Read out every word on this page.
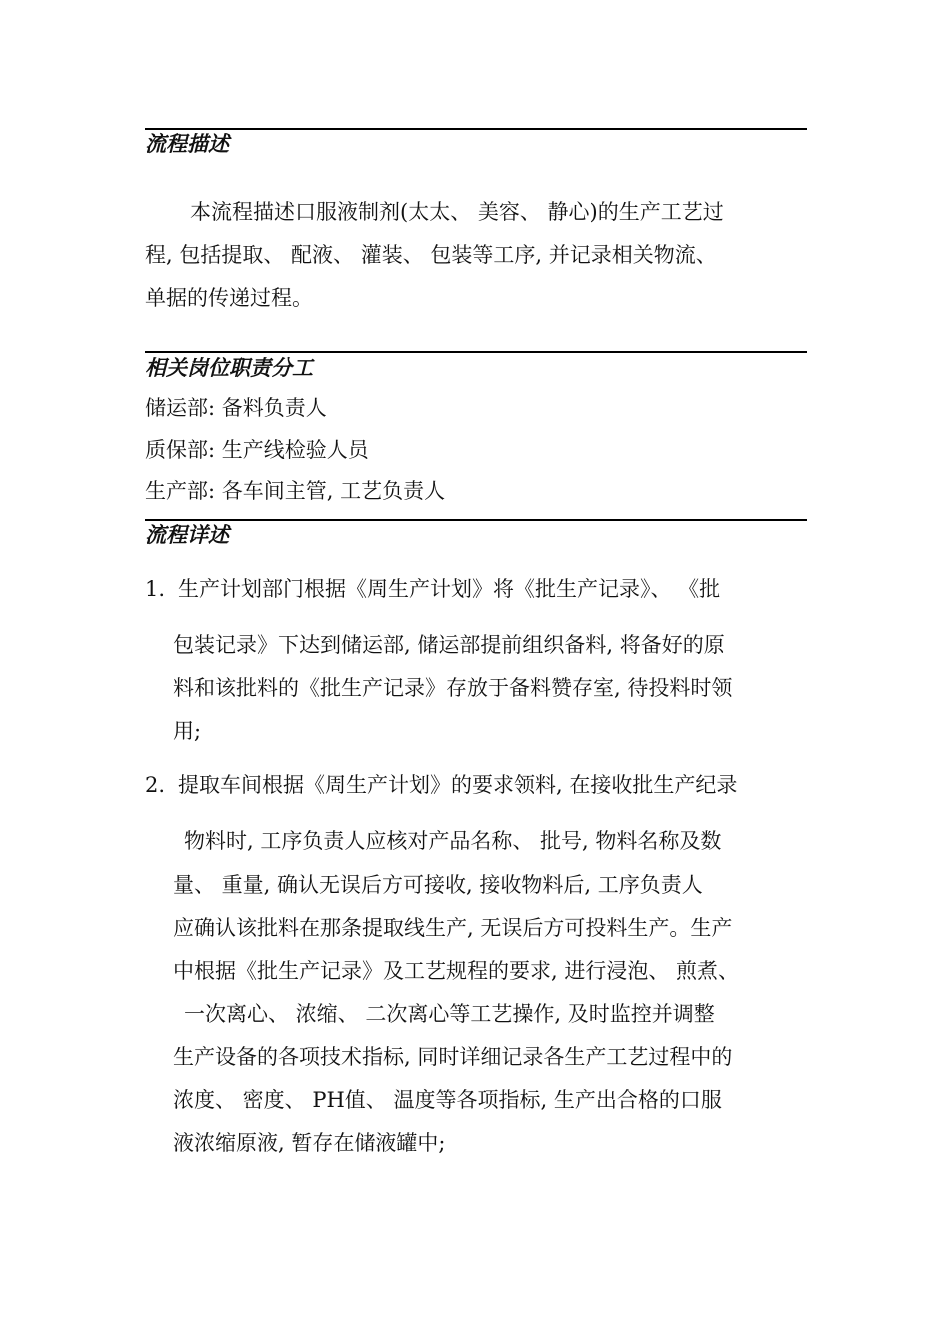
流程描述
本流程描述口服液制剂(太太、 美容、 静心)的生产工艺过
程, 包括提取、 配液、 灌装、 包装等工序, 并记录相关物流、
单据的传递过程。
相关岗位职责分工
储运部: 备料负责人
质保部: 生产线检验人员
生产部: 各车间主管, 工艺负责人
流程详述
1. 生产计划部门根据《周生产计划》将《批生产记录》、 《批
包装记录》下达到储运部, 储运部提前组织备料, 将备好的原
料和该批料的《批生产记录》存放于备料赞存室, 待投料时领
用;
2. 提取车间根据《周生产计划》的要求领料, 在接收批生产纪录
物料时, 工序负责人应核对产品名称、 批号, 物料名称及数
量、 重量, 确认无误后方可接收, 接收物料后, 工序负责人
应确认该批料在那条提取线生产, 无误后方可投料生产。生产
中根据《批生产记录》及工艺规程的要求, 进行浸泡、 煎煮、
一次离心、 浓缩、 二次离心等工艺操作, 及时监控并调整
生产设备的各项技术指标, 同时详细记录各生产工艺过程中的
浓度、 密度、 PH值、 温度等各项指标, 生产出合格的口服
液浓缩原液, 暂存在储液罐中;
